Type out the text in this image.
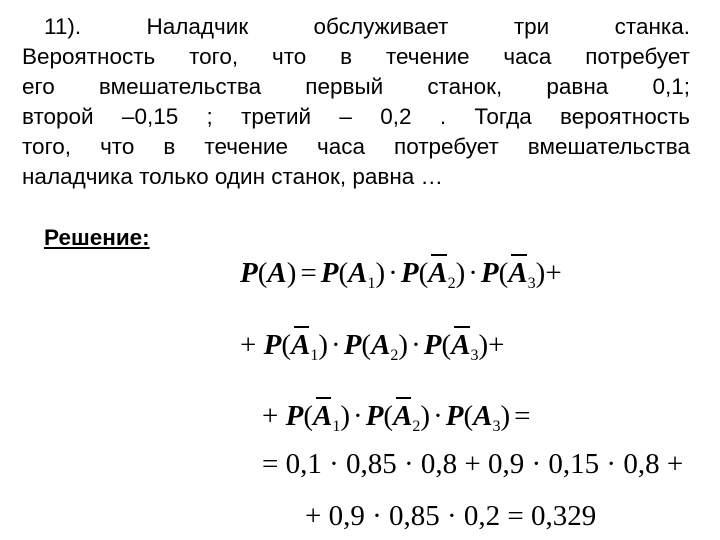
11). Наладчик обслуживает три станка.
Вероятность того, что в течение часа потребует
его вмешательства первый станок, равна 0,1;
второй –0,15 ; третий – 0,2 . Тогда вероятность
того, что в течение часа потребует вмешательства
наладчика только один станок, равна …
Решение:
$P(A) = P(A_1) \cdot P(A_2) \cdot P(A_3)+$
+ $P(A_1) \cdot P(A_2) \cdot P(A_3)+$
+ $P(A_1) \cdot P(A_2) \cdot P(A_3)$ =
= 0,1 · 0,85 · 0,8 + 0,9 · 0,15 · 0,8 +
+ 0,9 · 0,85 · 0,2 = 0,329
